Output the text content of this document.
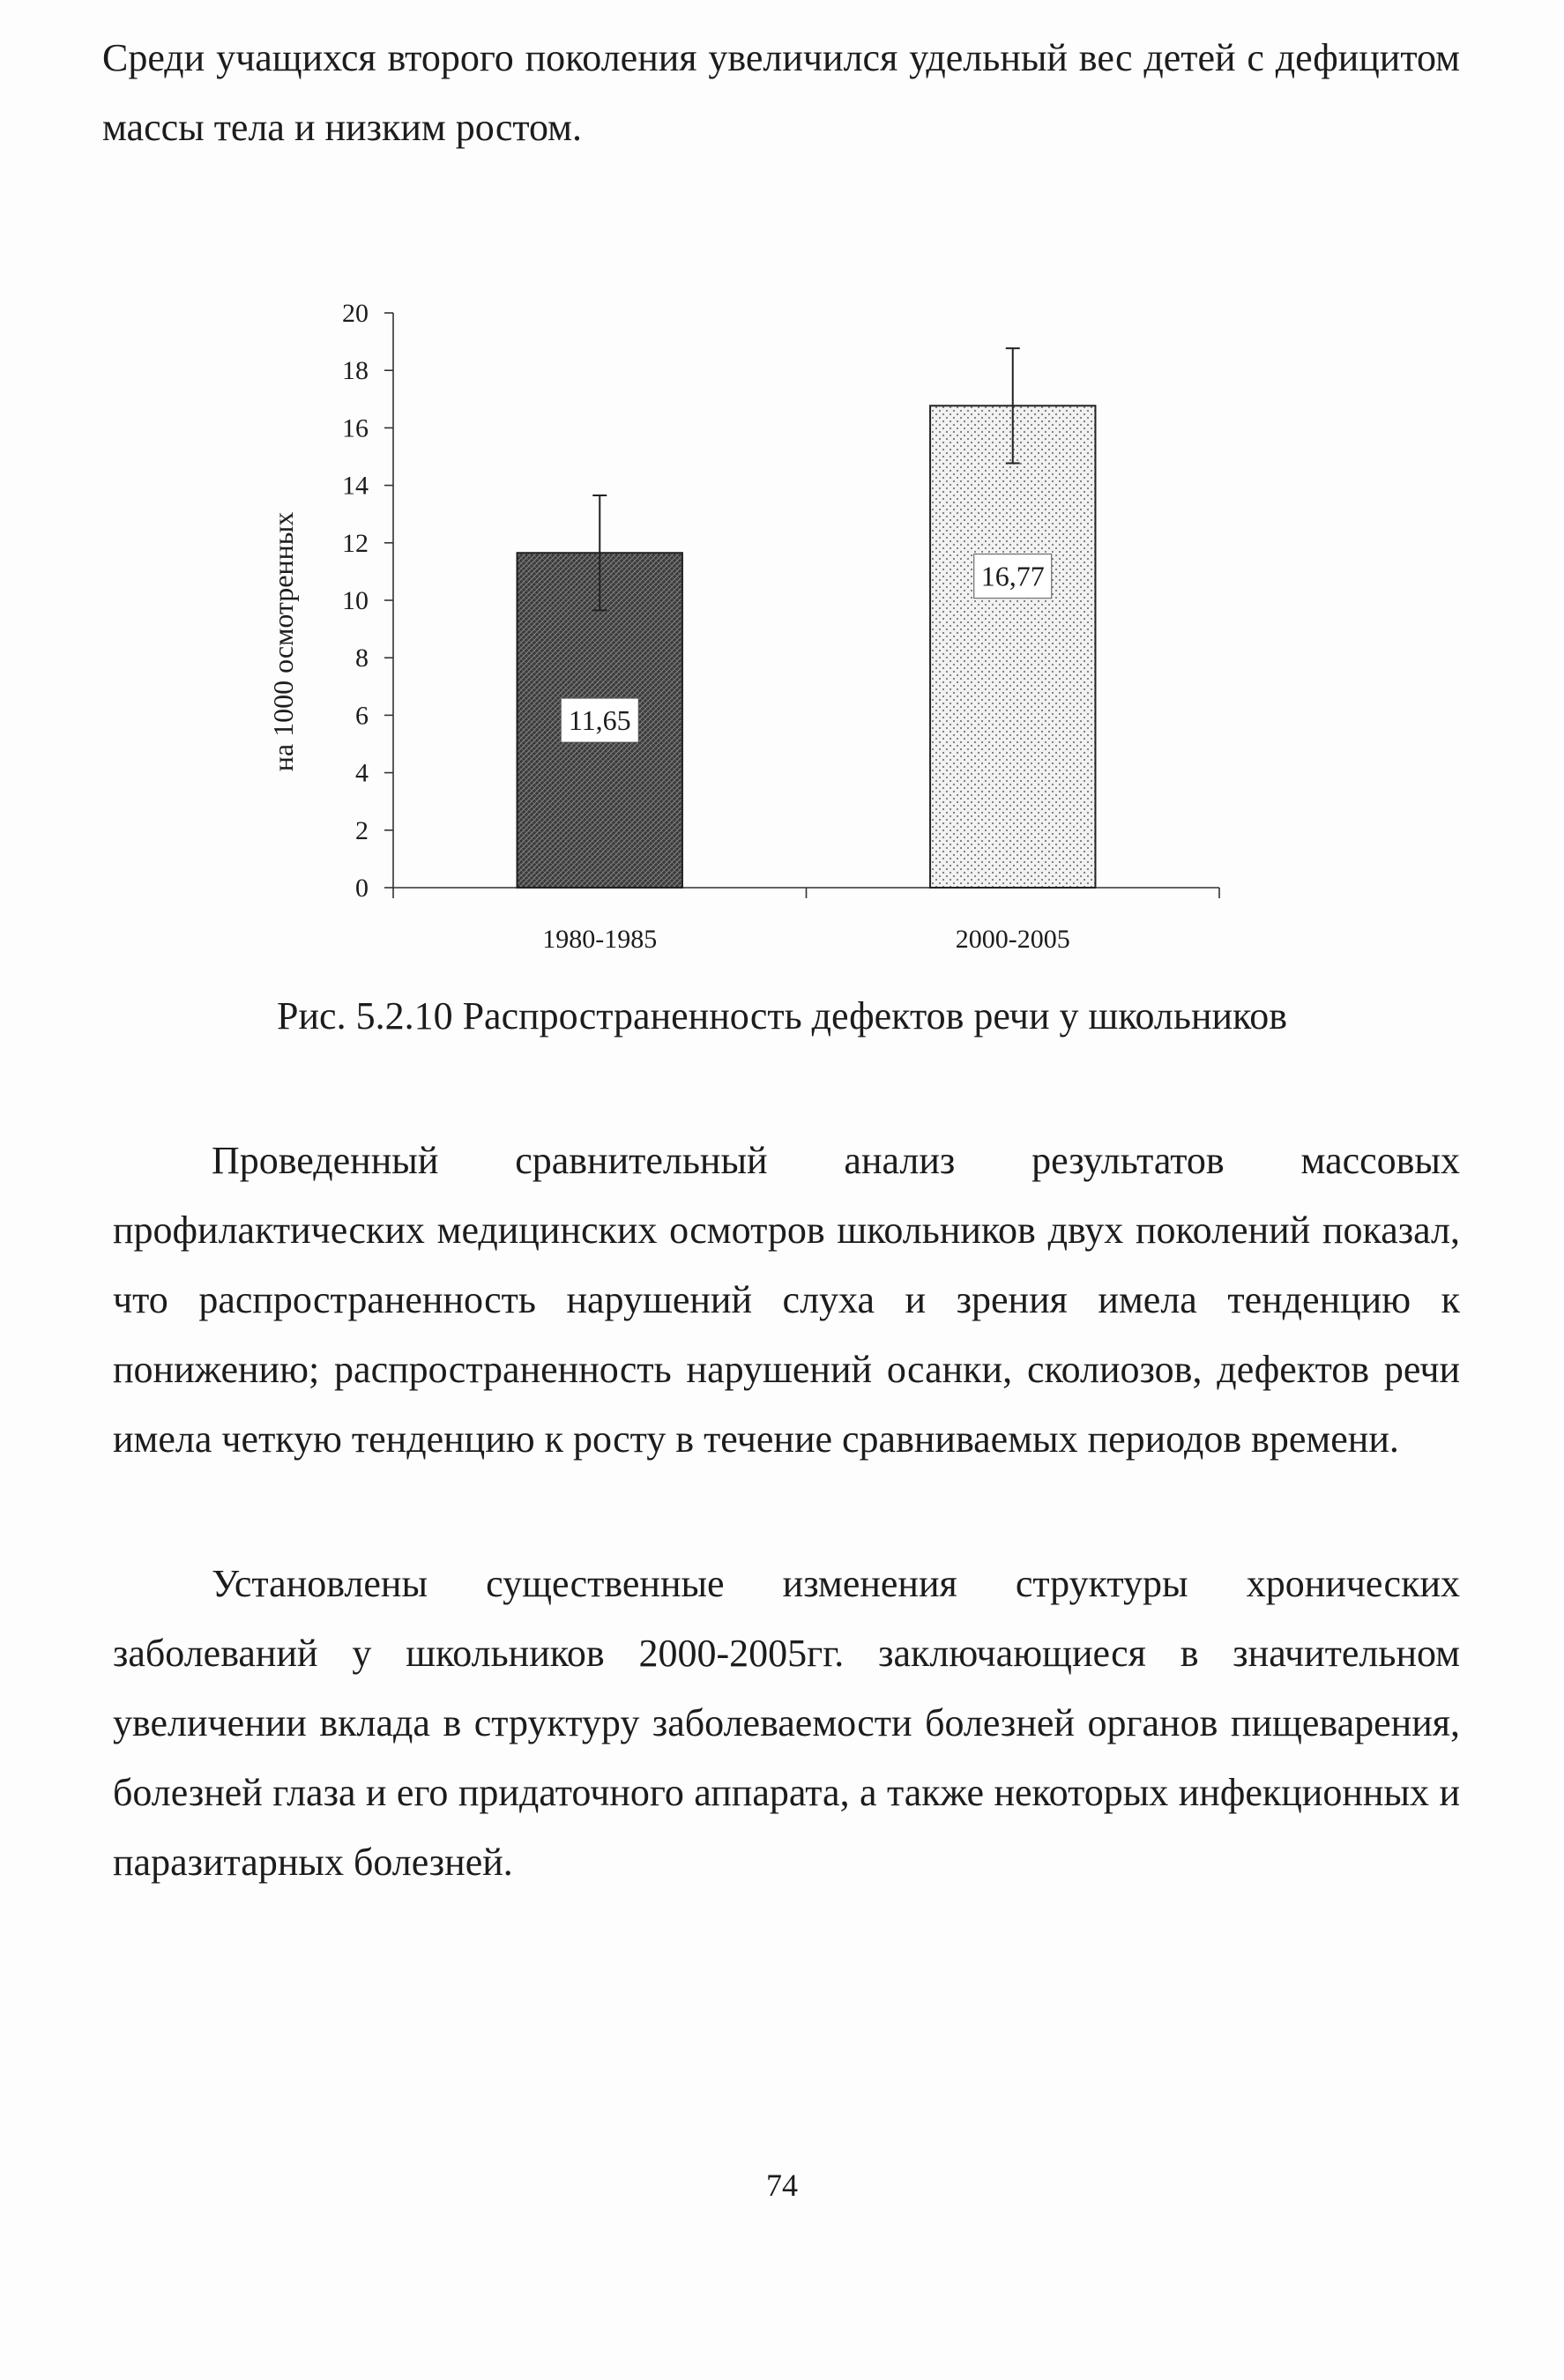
Среди учащихся второго поколения увеличился удельный вес детей с дефицитом массы тела и низким ростом.

0
2
4
6
8
10
12
14
16
18
20
11,65
1980-1985
16,77
2000-2005
на 1000 осмотренных
Рис. 5.2.10 Распространенность дефектов речи у школьников

Проведенный сравнительный анализ результатов массовых профилактических медицинских осмотров школьников двух поколений показал, что распространенность нарушений слуха и зрения имела тенденцию к понижению; распространенность нарушений осанки, сколиозов, дефектов речи имела четкую тенденцию к росту в течение сравниваемых периодов времени.

Установлены существенные изменения структуры хронических заболеваний у школьников 2000-2005гг. заключающиеся в значительном увеличении вклада в структуру заболеваемости болезней органов пищеварения, болезней глаза и его придаточного аппарата, а также некоторых инфекционных и паразитарных болезней.

74
